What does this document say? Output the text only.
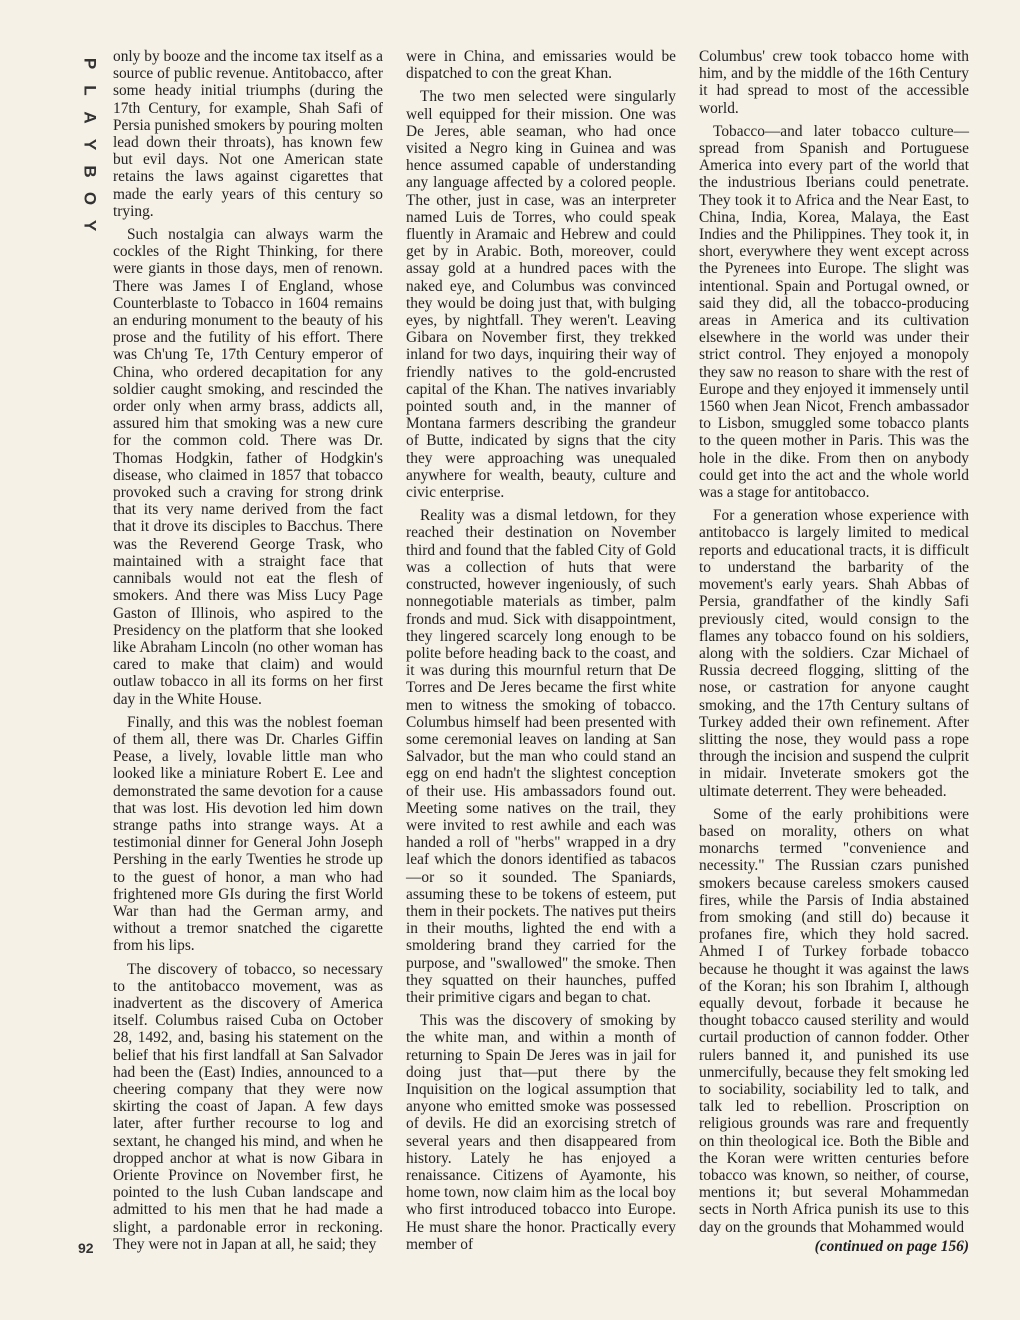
P
L
A
Y
B
O
Y
92

only by booze and the income tax itself as a source of public revenue. Antitobacco, after some heady initial triumphs (during the 17th Century, for example, Shah Safi of Persia punished smokers by pouring molten lead down their throats), has known few but evil days. Not one American state retains the laws against cigarettes that made the early years of this century so trying.

Such nostalgia can always warm the cockles of the Right Thinking, for there were giants in those days, men of renown. There was James I of England, whose Counterblaste to Tobacco in 1604 remains an enduring monument to the beauty of his prose and the futility of his effort. There was Ch'ung Te, 17th Century emperor of China, who ordered decapitation for any soldier caught smoking, and rescinded the order only when army brass, addicts all, assured him that smoking was a new cure for the common cold. There was Dr. Thomas Hodgkin, father of Hodgkin's disease, who claimed in 1857 that tobacco provoked such a craving for strong drink that its very name derived from the fact that it drove its disciples to Bacchus. There was the Reverend George Trask, who maintained with a straight face that cannibals would not eat the flesh of smokers. And there was Miss Lucy Page Gaston of Illinois, who aspired to the Presidency on the platform that she looked like Abraham Lincoln (no other woman has cared to make that claim) and would outlaw tobacco in all its forms on her first day in the White House.

Finally, and this was the noblest foeman of them all, there was Dr. Charles Giffin Pease, a lively, lovable little man who looked like a miniature Robert E. Lee and demonstrated the same devotion for a cause that was lost. His devotion led him down strange paths into strange ways. At a testimonial dinner for General John Joseph Pershing in the early Twenties he strode up to the guest of honor, a man who had frightened more GIs during the first World War than had the German army, and without a tremor snatched the cigarette from his lips.

The discovery of tobacco, so necessary to the antitobacco movement, was as inadvertent as the discovery of America itself. Columbus raised Cuba on October 28, 1492, and, basing his statement on the belief that his first landfall at San Salvador had been the (East) Indies, announced to a cheering company that they were now skirting the coast of Japan. A few days later, after further recourse to log and sextant, he changed his mind, and when he dropped anchor at what is now Gibara in Oriente Province on November first, he pointed to the lush Cuban landscape and admitted to his men that he had made a slight, a pardonable error in reckoning. They were not in Japan at all, he said; they

were in China, and emissaries would be dispatched to con the great Khan.

The two men selected were singularly well equipped for their mission. One was De Jeres, able seaman, who had once visited a Negro king in Guinea and was hence assumed capable of understanding any language affected by a colored people. The other, just in case, was an interpreter named Luis de Torres, who could speak fluently in Aramaic and Hebrew and could get by in Arabic. Both, moreover, could assay gold at a hundred paces with the naked eye, and Columbus was convinced they would be doing just that, with bulging eyes, by nightfall. They weren't. Leaving Gibara on November first, they trekked inland for two days, inquiring their way of friendly natives to the gold-encrusted capital of the Khan. The natives invariably pointed south and, in the manner of Montana farmers describing the grandeur of Butte, indicated by signs that the city they were approaching was unequaled anywhere for wealth, beauty, culture and civic enterprise.

Reality was a dismal letdown, for they reached their destination on November third and found that the fabled City of Gold was a collection of huts that were constructed, however ingeniously, of such nonnegotiable materials as timber, palm fronds and mud. Sick with disappointment, they lingered scarcely long enough to be polite before heading back to the coast, and it was during this mournful return that De Torres and De Jeres became the first white men to witness the smoking of tobacco. Columbus himself had been presented with some ceremonial leaves on landing at San Salvador, but the man who could stand an egg on end hadn't the slightest conception of their use. His ambassadors found out. Meeting some natives on the trail, they were invited to rest awhile and each was handed a roll of "herbs" wrapped in a dry leaf which the donors identified as tabacos—or so it sounded. The Spaniards, assuming these to be tokens of esteem, put them in their pockets. The natives put theirs in their mouths, lighted the end with a smoldering brand they carried for the purpose, and "swallowed" the smoke. Then they squatted on their haunches, puffed their primitive cigars and began to chat.

This was the discovery of smoking by the white man, and within a month of returning to Spain De Jeres was in jail for doing just that—put there by the Inquisition on the logical assumption that anyone who emitted smoke was possessed of devils. He did an exorcising stretch of several years and then disappeared from history. Lately he has enjoyed a renaissance. Citizens of Ayamonte, his home town, now claim him as the local boy who first introduced tobacco into Europe. He must share the honor. Practically every member of

Columbus' crew took tobacco home with him, and by the middle of the 16th Century it had spread to most of the accessible world.

Tobacco—and later tobacco culture—spread from Spanish and Portuguese America into every part of the world that the industrious Iberians could penetrate. They took it to Africa and the Near East, to China, India, Korea, Malaya, the East Indies and the Philippines. They took it, in short, everywhere they went except across the Pyrenees into Europe. The slight was intentional. Spain and Portugal owned, or said they did, all the tobacco-producing areas in America and its cultivation elsewhere in the world was under their strict control. They enjoyed a monopoly they saw no reason to share with the rest of Europe and they enjoyed it immensely until 1560 when Jean Nicot, French ambassador to Lisbon, smuggled some tobacco plants to the queen mother in Paris. This was the hole in the dike. From then on anybody could get into the act and the whole world was a stage for antitobacco.

For a generation whose experience with antitobacco is largely limited to medical reports and educational tracts, it is difficult to understand the barbarity of the movement's early years. Shah Abbas of Persia, grandfather of the kindly Safi previously cited, would consign to the flames any tobacco found on his soldiers, along with the soldiers. Czar Michael of Russia decreed flogging, slitting of the nose, or castration for anyone caught smoking, and the 17th Century sultans of Turkey added their own refinement. After slitting the nose, they would pass a rope through the incision and suspend the culprit in midair. Inveterate smokers got the ultimate deterrent. They were beheaded.

Some of the early prohibitions were based on morality, others on what monarchs termed "convenience and necessity." The Russian czars punished smokers because careless smokers caused fires, while the Parsis of India abstained from smoking (and still do) because it profanes fire, which they hold sacred. Ahmed I of Turkey forbade tobacco because he thought it was against the laws of the Koran; his son Ibrahim I, although equally devout, forbade it because he thought tobacco caused sterility and would curtail production of cannon fodder. Other rulers banned it, and punished its use unmercifully, because they felt smoking led to sociability, sociability led to talk, and talk led to rebellion. Proscription on religious grounds was rare and frequently on thin theological ice. Both the Bible and the Koran were written centuries before tobacco was known, so neither, of course, mentions it; but several Mohammedan sects in North Africa punish its use to this day on the grounds that Mohammed would

(continued on page 156)
